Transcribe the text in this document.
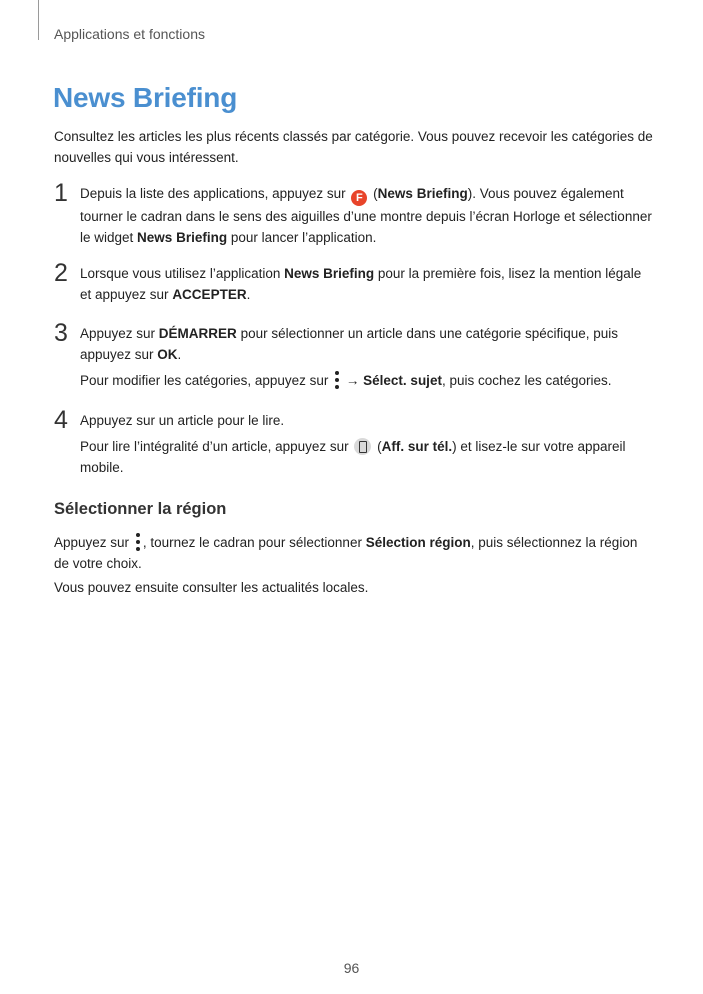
Applications et fonctions
News Briefing

Consultez les articles les plus récents classés par catégorie. Vous pouvez recevoir les catégories de nouvelles qui vous intéressent.

1 Depuis la liste des applications, appuyez sur F (News Briefing). Vous pouvez également tourner le cadran dans le sens des aiguilles d’une montre depuis l’écran Horloge et sélectionner le widget News Briefing pour lancer l’application.

2 Lorsque vous utilisez l’application News Briefing pour la première fois, lisez la mention légale et appuyez sur ACCEPTER.

3 Appuyez sur DÉMARRER pour sélectionner un article dans une catégorie spécifique, puis appuyez sur OK.

Pour modifier les catégories, appuyez sur
→ Sélect. sujet, puis cochez les catégories.

4 Appuyez sur un article pour le lire.

Pour lire l’intégralité d’un article, appuyez sur
(Aff. sur tél.) et lisez-le sur votre appareil mobile.

Sélectionner la région

Appuyez sur , tournez le cadran pour sélectionner Sélection région, puis sélectionnez la région de votre choix.

Vous pouvez ensuite consulter les actualités locales.

96
